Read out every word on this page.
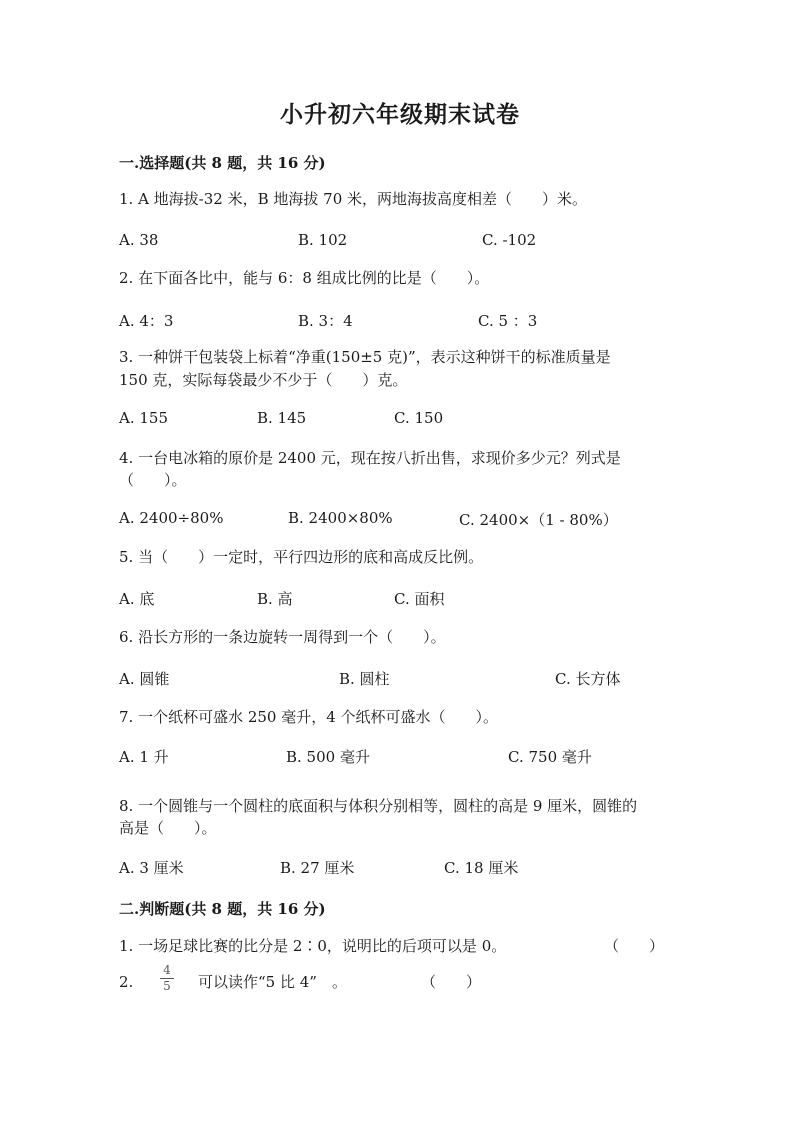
小升初六年级期末试卷
一.选择题(共 8 题，共 16 分)
1. A 地海拔-32 米，B 地海拔 70 米，两地海拔高度相差（　　）米。
A. 38	B. 102	C. -102
2. 在下面各比中，能与 6：8 组成比例的比是（　　）。
A. 4：3	B. 3：4	C. 5 ：3
3. 一种饼干包装袋上标着“净重(150±5 克)”，表示这种饼干的标准质量是
150 克，实际每袋最少不少于（　　）克。
A. 155	B. 145	C. 150
4. 一台电冰箱的原价是 2400 元，现在按八折出售，求现价多少元？列式是
（　　）。
A. 2400÷80%	B. 2400×80%	C. 2400×（1 - 80%）
5. 当（　　）一定时，平行四边形的底和高成反比例。
A. 底	B. 高	C. 面积
6. 沿长方形的一条边旋转一周得到一个（　　）。
A. 圆锥	B. 圆柱	C. 长方体
7. 一个纸杯可盛水 250 毫升，4 个纸杯可盛水（　　）。
A. 1 升	B. 500 毫升	C. 750 毫升
8. 一个圆锥与一个圆柱的底面积与体积分别相等，圆柱的高是 9 厘米，圆锥的
高是（　　）。
A. 3 厘米	B. 27 厘米	C. 18 厘米
二.判断题(共 8 题，共 16 分)
1. 一场足球比赛的比分是 2∶0，说明比的后项可以是 0。	（　　）
2. $\frac{4}{5}$ 可以读作“5 比 4”　。	（　　）
